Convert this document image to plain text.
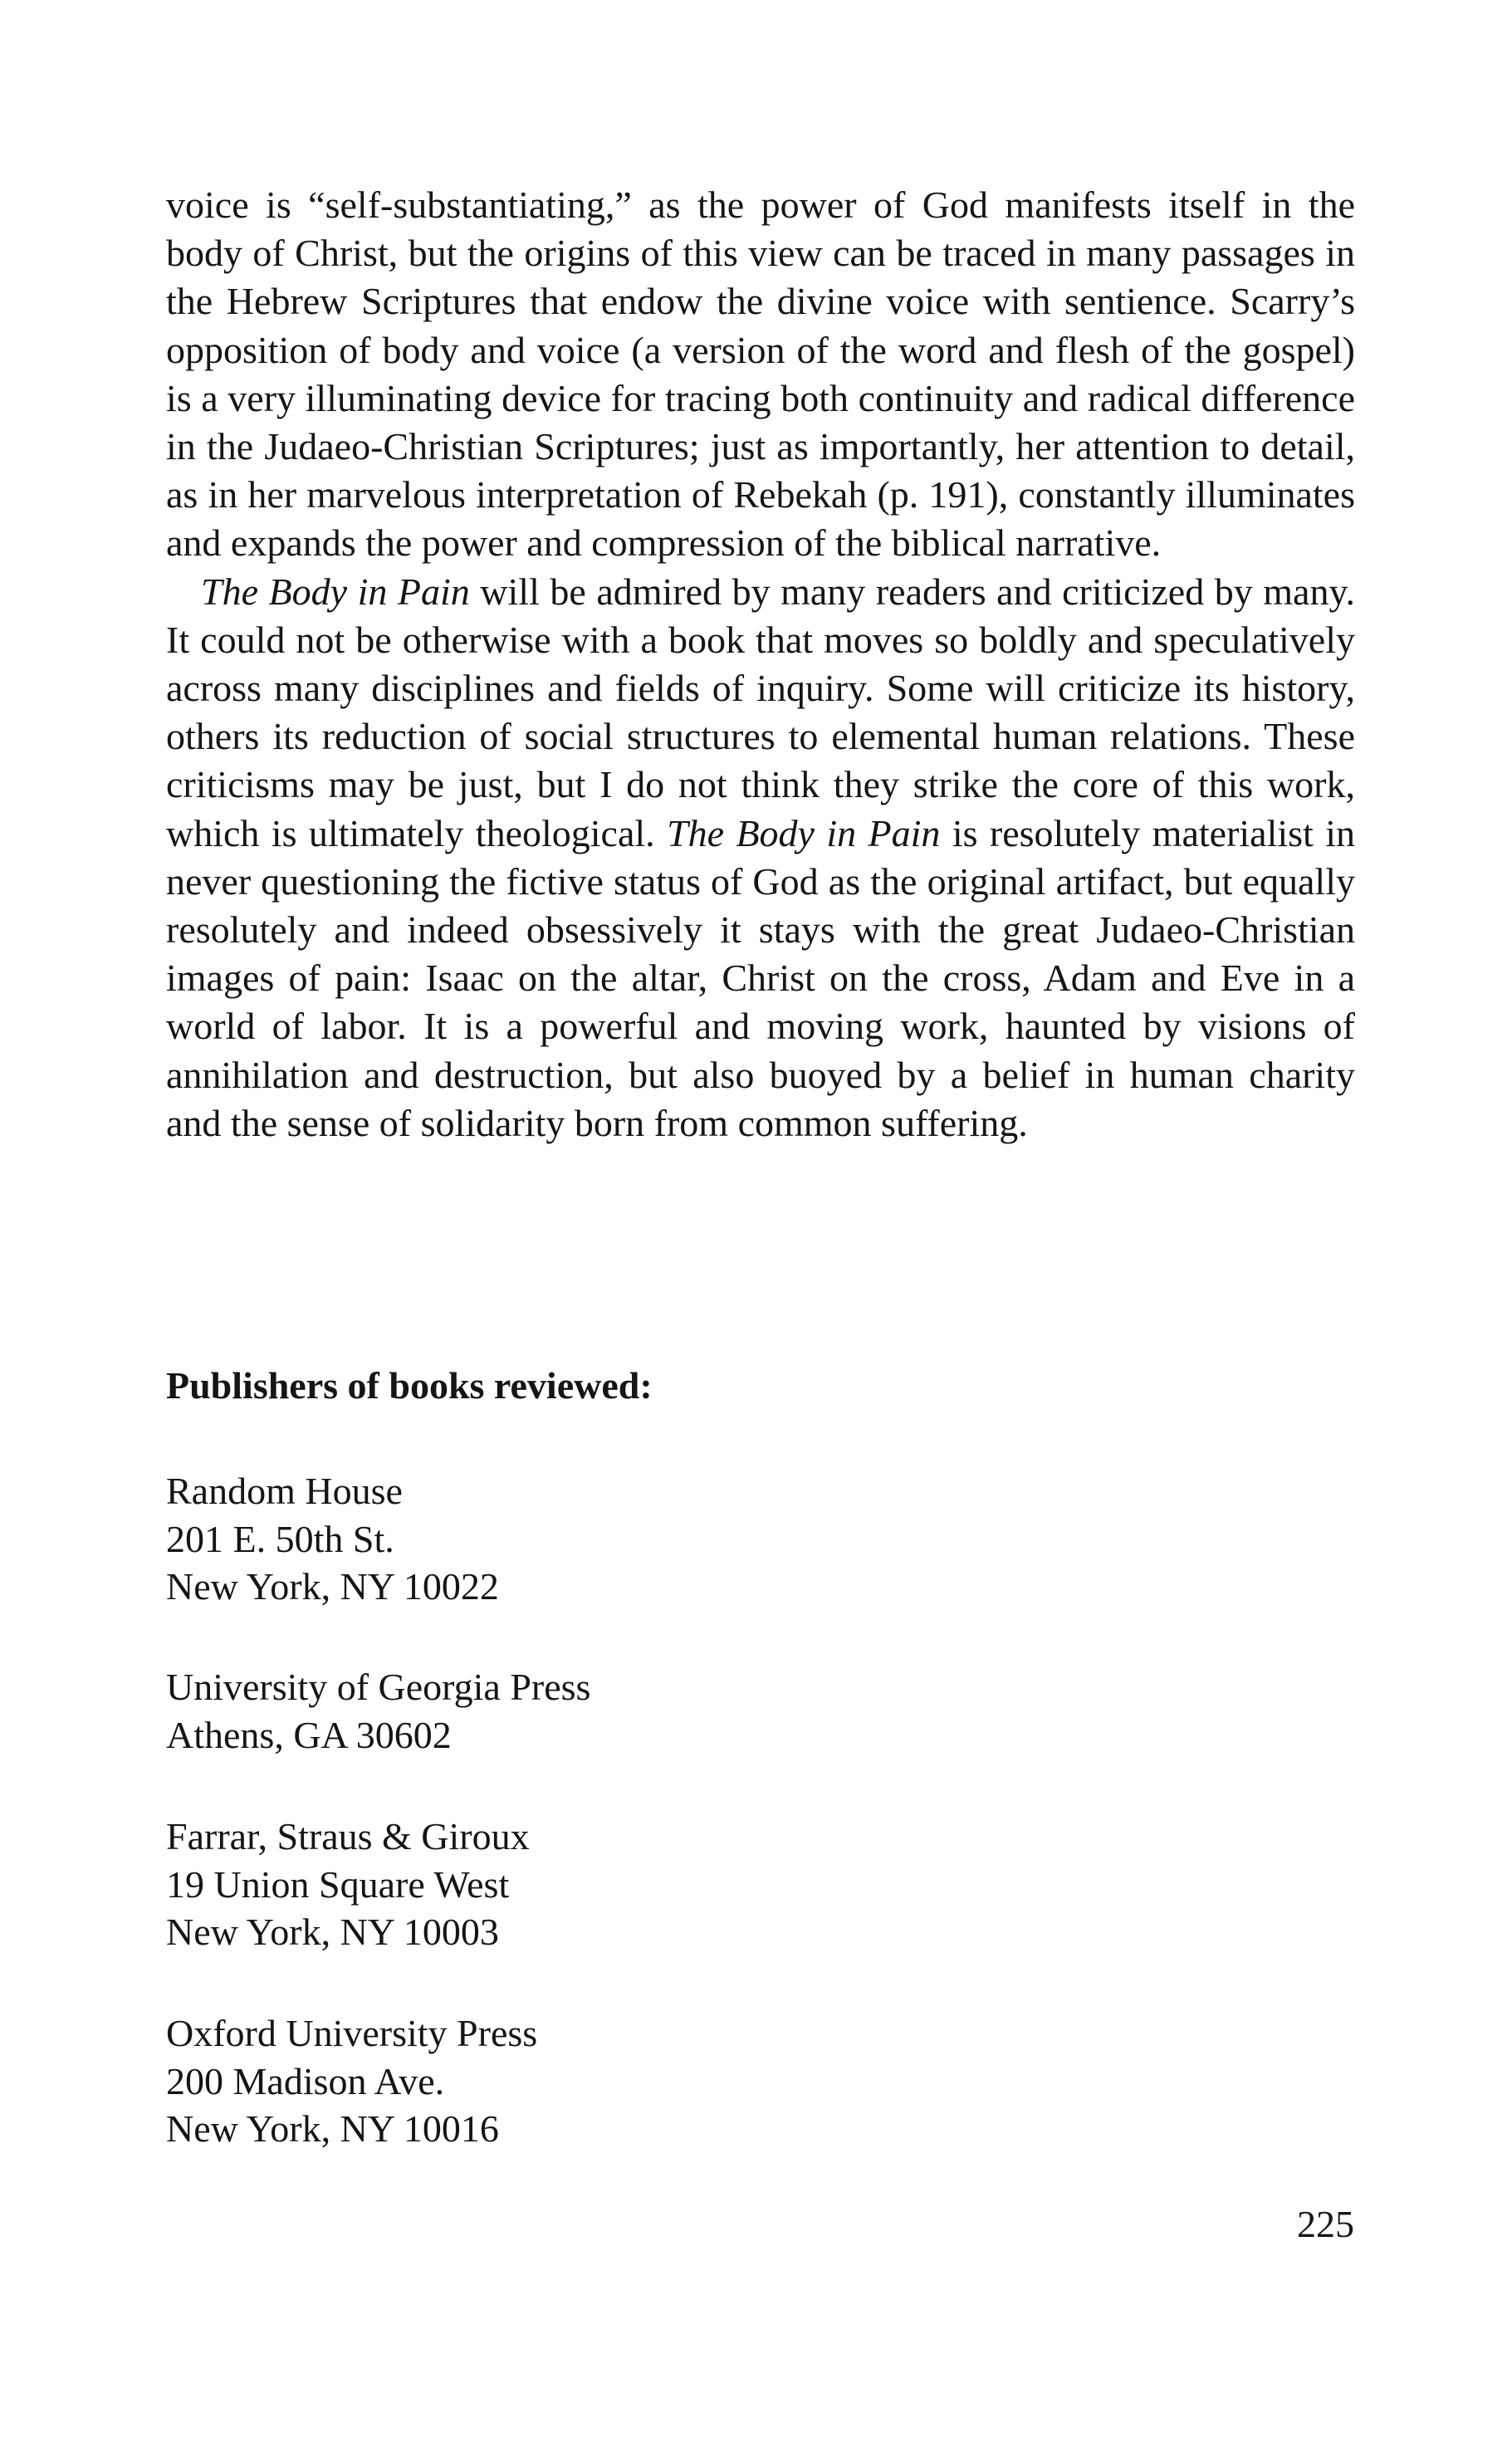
voice is “self-substantiating,” as the power of God manifests itself in the body of Christ, but the origins of this view can be traced in many passages in the Hebrew Scriptures that endow the divine voice with sentience. Scarry’s opposition of body and voice (a version of the word and flesh of the gospel) is a very illuminating device for tracing both continuity and radical difference in the Judaeo-Christian Scriptures; just as importantly, her attention to detail, as in her marvelous interpretation of Rebekah (p. 191), constantly illuminates and expands the power and compression of the biblical narrative.

The Body in Pain will be admired by many readers and criticized by many. It could not be otherwise with a book that moves so boldly and speculatively across many disciplines and fields of inquiry. Some will criticize its history, others its reduction of social structures to elemental human relations. These criticisms may be just, but I do not think they strike the core of this work, which is ultimately theological. The Body in Pain is resolutely materialist in never questioning the fictive status of God as the original artifact, but equally resolutely and indeed obsessively it stays with the great Judaeo-Christian images of pain: Isaac on the altar, Christ on the cross, Adam and Eve in a world of labor. It is a powerful and moving work, haunted by visions of annihilation and destruction, but also buoyed by a belief in human charity and the sense of solidarity born from common suffering.

Publishers of books reviewed:
Random House
201 E. 50th St.
New York, NY 10022
University of Georgia Press
Athens, GA 30602
Farrar, Straus & Giroux
19 Union Square West
New York, NY 10003
Oxford University Press
200 Madison Ave.
New York, NY 10016
225
